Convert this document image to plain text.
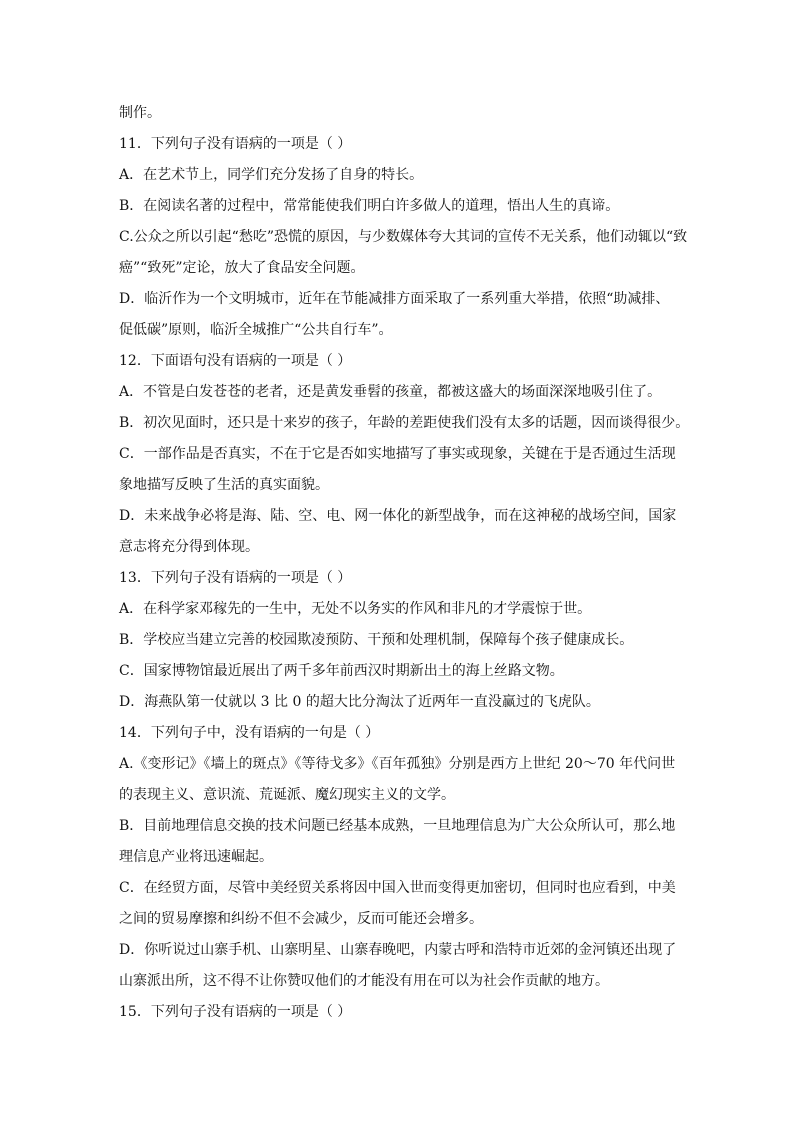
制作。
11．下列句子没有语病的一项是（ ）
A．在艺术节上，同学们充分发扬了自身的特长。
B．在阅读名著的过程中，常常能使我们明白许多做人的道理，悟出人生的真谛。
C.公众之所以引起“愁吃”恐慌的原因，与少数媒体夸大其词的宣传不无关系，他们动辄以“致
癌”“致死”定论，放大了食品安全问题。
D．临沂作为一个文明城市，近年在节能减排方面采取了一系列重大举措，依照“助减排、
促低碳”原则，临沂全城推广“公共自行车”。
12．下面语句没有语病的一项是（ ）
A．不管是白发苍苍的老者，还是黄发垂髫的孩童，都被这盛大的场面深深地吸引住了。
B．初次见面时，还只是十来岁的孩子，年龄的差距使我们没有太多的话题，因而谈得很少。
C．一部作品是否真实，不在于它是否如实地描写了事实或现象，关键在于是否通过生活现
象地描写反映了生活的真实面貌。
D．未来战争必将是海、陆、空、电、网一体化的新型战争，而在这神秘的战场空间，国家
意志将充分得到体现。
13．下列句子没有语病的一项是（ ）
A．在科学家邓稼先的一生中，无处不以务实的作风和非凡的才学震惊于世。
B．学校应当建立完善的校园欺凌预防、干预和处理机制，保障每个孩子健康成长。
C．国家博物馆最近展出了两千多年前西汉时期新出土的海上丝路文物。
D．海燕队第一仗就以 3 比 0 的超大比分淘汰了近两年一直没赢过的飞虎队。
14．下列句子中，没有语病的一句是（ ）
A.《变形记》《墙上的斑点》《等待戈多》《百年孤独》分别是西方上世纪 20～70 年代问世
的表现主义、意识流、荒诞派、魔幻现实主义的文学。
B．目前地理信息交换的技术问题已经基本成熟，一旦地理信息为广大公众所认可，那么地
理信息产业将迅速崛起。
C．在经贸方面，尽管中美经贸关系将因中国入世而变得更加密切，但同时也应看到，中美
之间的贸易摩擦和纠纷不但不会减少，反而可能还会增多。
D．你听说过山寨手机、山寨明星、山寨春晚吧，内蒙古呼和浩特市近郊的金河镇还出现了
山寨派出所，这不得不让你赞叹他们的才能没有用在可以为社会作贡献的地方。
15．下列句子没有语病的一项是（ ）
